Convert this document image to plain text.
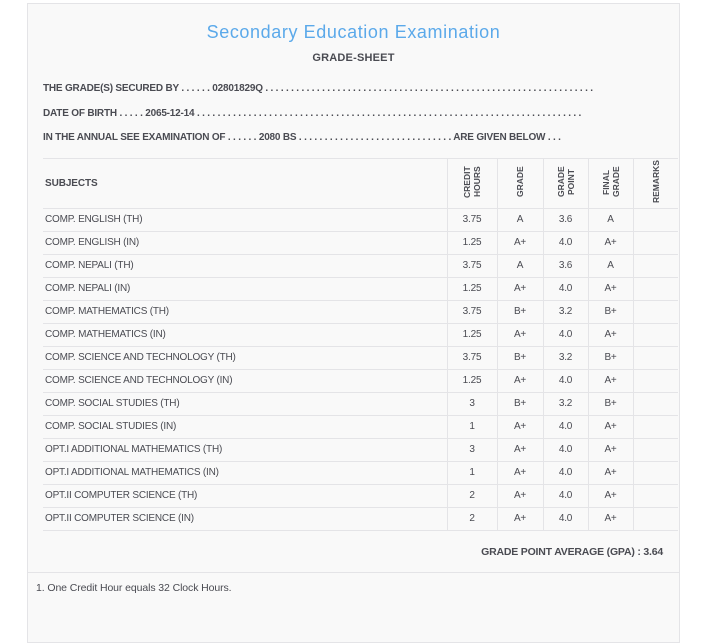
Secondary Education Examination
GRADE-SHEET

THE GRADE(S) SECURED BY . . . . . . 02801829Q . . . . . . . . . . . . . . . . . . . . . . . . . . . . . . . . . . . . . . . . . . . . . . . . . . . . . . . . . . . . . . . .

DATE OF BIRTH . . . . . 2065-12-14 . . . . . . . . . . . . . . . . . . . . . . . . . . . . . . . . . . . . . . . . . . . . . . . . . . . . . . . . . . . . . . . . . . . . . . . . . . .

IN THE ANNUAL SEE EXAMINATION OF . . . . . . 2080 BS . . . . . . . . . . . . . . . . . . . . . . . . . . . . . . ARE GIVEN BELOW . . .

SUBJECTS	CREDIT HOURS	GRADE	GRADE POINT	FINAL GRADE	REMARKS
COMP. ENGLISH (TH)	3.75	A	3.6	A	
COMP. ENGLISH (IN)	1.25	A+	4.0	A+	
COMP. NEPALI (TH)	3.75	A	3.6	A	
COMP. NEPALI (IN)	1.25	A+	4.0	A+	
COMP. MATHEMATICS (TH)	3.75	B+	3.2	B+	
COMP. MATHEMATICS (IN)	1.25	A+	4.0	A+	
COMP. SCIENCE AND TECHNOLOGY (TH)	3.75	B+	3.2	B+	
COMP. SCIENCE AND TECHNOLOGY (IN)	1.25	A+	4.0	A+	
COMP. SOCIAL STUDIES (TH)	3	B+	3.2	B+	
COMP. SOCIAL STUDIES (IN)	1	A+	4.0	A+	
OPT.I ADDITIONAL MATHEMATICS (TH)	3	A+	4.0	A+	
OPT.I ADDITIONAL MATHEMATICS (IN)	1	A+	4.0	A+	
OPT.II COMPUTER SCIENCE (TH)	2	A+	4.0	A+	
OPT.II COMPUTER SCIENCE (IN)	2	A+	4.0	A+	
GRADE POINT AVERAGE (GPA) : 3.64
1. One Credit Hour equals 32 Clock Hours.
